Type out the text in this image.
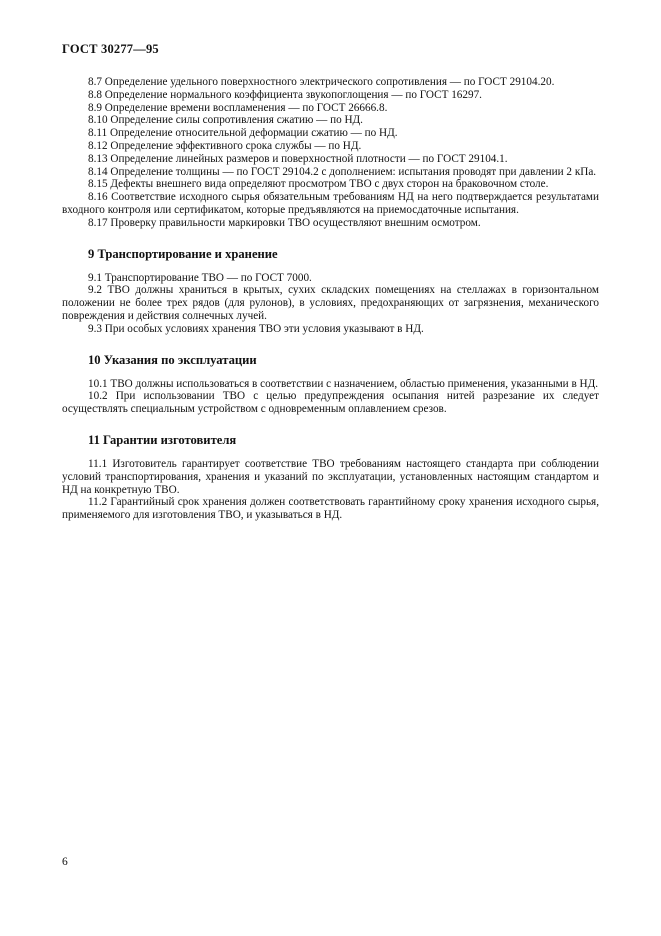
ГОСТ 30277—95

8.7 Определение удельного поверхностного электрического сопротивления — по ГОСТ 29104.20.

8.8 Определение нормального коэффициента звукопоглощения — по ГОСТ 16297.

8.9 Определение времени воспламенения — по ГОСТ 26666.8.

8.10 Определение силы сопротивления сжатию — по НД.

8.11 Определение относительной деформации сжатию — по НД.

8.12 Определение эффективного срока службы — по НД.

8.13 Определение линейных размеров и поверхностной плотности — по ГОСТ 29104.1.

8.14 Определение толщины — по ГОСТ 29104.2 с дополнением: испытания проводят при давлении 2 кПа.

8.15 Дефекты внешнего вида определяют просмотром ТВО с двух сторон на браковочном столе.

8.16 Соответствие исходного сырья обязательным требованиям НД на него подтверждается результатами входного контроля или сертификатом, которые предъявляются на приемосдаточные испытания.

8.17 Проверку правильности маркировки ТВО осуществляют внешним осмотром.

9 Транспортирование и хранение

9.1 Транспортирование ТВО — по ГОСТ 7000.

9.2 ТВО должны храниться в крытых, сухих складских помещениях на стеллажах в горизонтальном положении не более трех рядов (для рулонов), в условиях, предохраняющих от загрязнения, механического повреждения и действия солнечных лучей.

9.3 При особых условиях хранения ТВО эти условия указывают в НД.

10 Указания по эксплуатации

10.1 ТВО должны использоваться в соответствии с назначением, областью применения, указанными в НД.

10.2 При использовании ТВО с целью предупреждения осыпания нитей разрезание их следует осуществлять специальным устройством с одновременным оплавлением срезов.

11 Гарантии изготовителя

11.1 Изготовитель гарантирует соответствие ТВО требованиям настоящего стандарта при соблюдении условий транспортирования, хранения и указаний по эксплуатации, установленных настоящим стандартом и НД на конкретную ТВО.

11.2 Гарантийный срок хранения должен соответствовать гарантийному сроку хранения исходного сырья, применяемого для изготовления ТВО, и указываться в НД.

6
